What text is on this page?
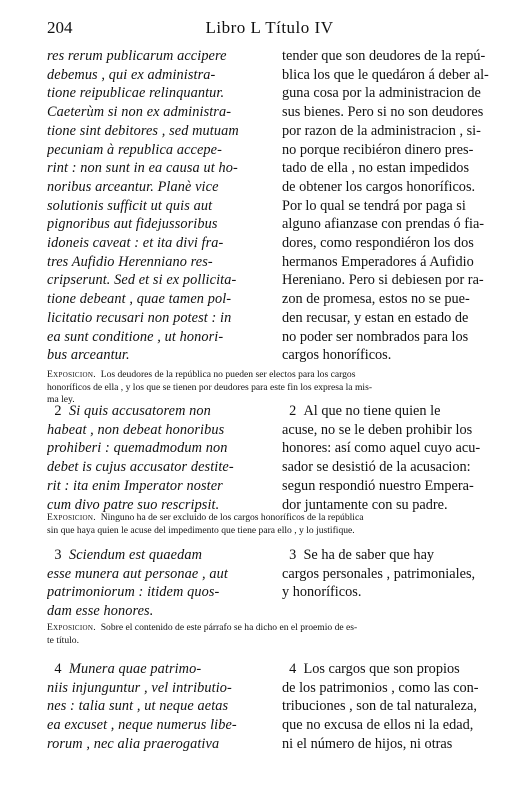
204	Libro L Título IV
res rerum publicarum accipere
debemus , qui ex administra-
tione reipublicae relinquantur.
Caeterùm si non ex administra-
tione sint debitores , sed mutuam
pecuniam à republica accepe-
rint : non sunt in ea causa ut ho-
noribus arceantur. Planè vice
solutionis sufficit ut quis aut
pignoribus aut fidejussoribus
idoneis caveat : et ita divi fra-
tres Aufidio Herenniano res-
cripserunt. Sed et si ex pollicita-
tione debeant , quae tamen pol-
licitatio recusari non potest : in
ea sunt conditione , ut honori-
bus arceantur.
tender que son deudores de la repú-
blica los que le quedáron á deber al-
guna cosa por la administracion de
sus bienes. Pero si no son deudores
por razon de la administracion , si-
no porque recibiéron dinero pres-
tado de ella , no estan impedidos
de obtener los cargos honoríficos.
Por lo qual se tendrá por paga si
alguno afianzase con prendas ó fia-
dores, como respondiéron los dos
hermanos Emperadores á Aufidio
Hereniano. Pero si debiesen por ra-
zon de promesa, estos no se pue-
den recusar, y estan en estado de
no poder ser nombrados para los
cargos honoríficos.
Exposicion. Los deudores de la república no pueden ser electos para los cargos
honoríficos de ella , y los que se tienen por deudores para este fin los expresa la mis-
ma ley.
2 Si quis accusatorem non
habeat , non debeat honoribus
prohiberi : quemadmodum non
debet is cujus accusator destite-
rit : ita enim Imperator noster
cum divo patre suo rescripsit.
2 Al que no tiene quien le
acuse, no se le deben prohibir los
honores: así como aquel cuyo acu-
sador se desistió de la acusacion:
segun respondió nuestro Empera-
dor juntamente con su padre.
Exposicion. Ninguno ha de ser excluido de los cargos honoríficos de la república
sin que haya quien le acuse del impedimento que tiene para ello , y lo justifique.
3 Sciendum est quaedam
esse munera aut personae , aut
patrimoniorum : itidem quos-
dam esse honores.
3 Se ha de saber que hay
cargos personales , patrimoniales,
y honoríficos.
Exposicion. Sobre el contenido de este párrafo se ha dicho en el proemio de es-
te título.
4 Munera quae patrimo-
niis injunguntur , vel intributio-
nes : talia sunt , ut neque aetas
ea excuset , neque numerus libe-
rorum , nec alia praerogativa
4 Los cargos que son propios
de los patrimonios , como las con-
tribuciones , son de tal naturaleza,
que no excusa de ellos ni la edad,
ni el número de hijos, ni otras
